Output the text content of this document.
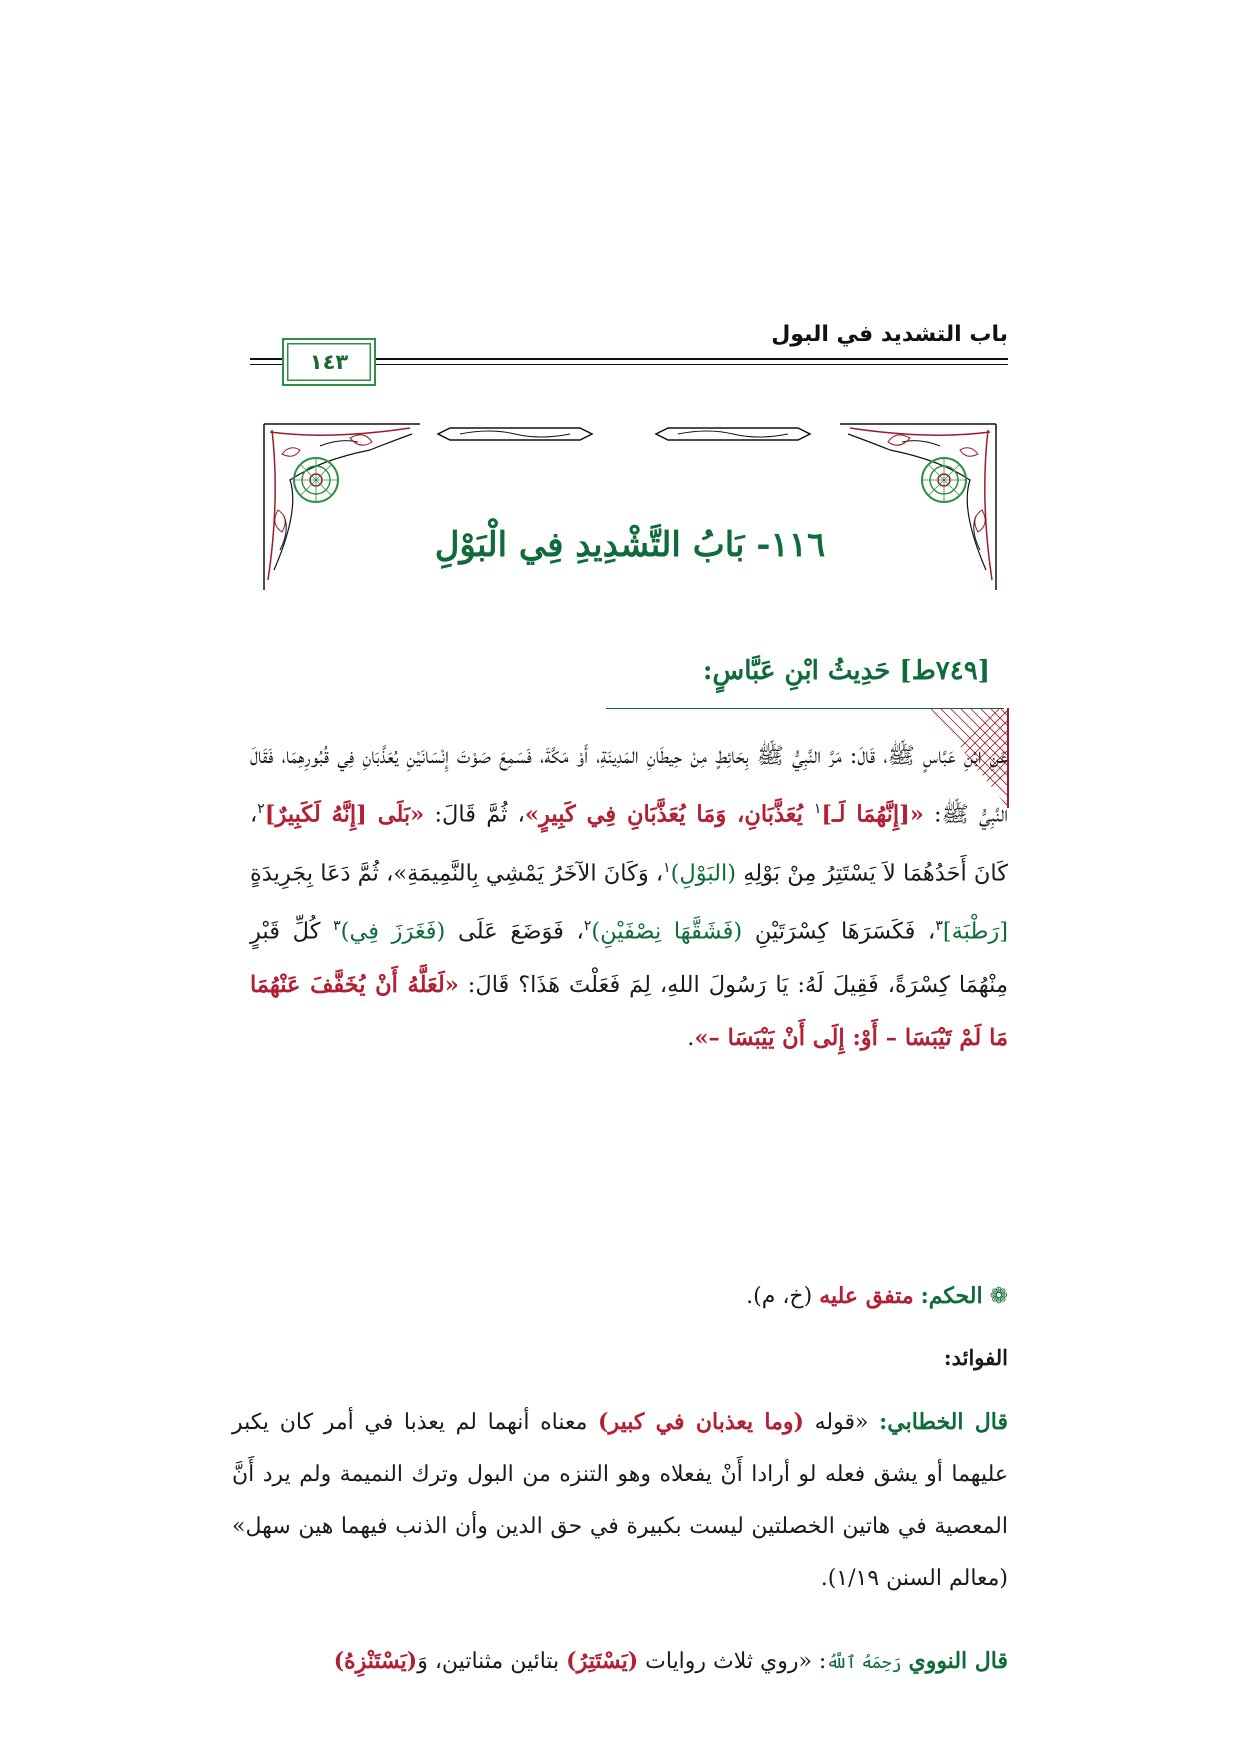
باب التشديد في البول
١٤٣
١١٦- بَابُ التَّشْدِيدِ فِي الْبَوْلِ
[٧٤٩ط] حَدِيثُ ابْنِ عَبَّاسٍ:
عَنِ ابْنِ عَبَّاسٍ ﷺ، قَالَ: مَرَّ النَّبِيُّ ﷺ بِحَائِطٍ مِنْ حِيطَانِ المَدِينَةِ، أَوْ مَكَّةَ، فَسَمِعَ صَوْتَ إِنْسَانَيْنِ يُعَذَّبَانِ فِي قُبُورِهِمَا، فَقَالَ النَّبِيُّ ﷺ: «[إِنَّهُمَا لَـ]$^١$ يُعَذَّبَانِ، وَمَا يُعَذَّبَانِ فِي كَبِيرٍ»، ثُمَّ قَالَ: «بَلَى [إِنَّهُ لَكَبِيرٌ]$^٢$، كَانَ أَحَدُهُمَا لاَ يَسْتَتِرُ مِنْ بَوْلِهِ (البَوْلِ)$^١$، وَكَانَ الآخَرُ يَمْشِي بِالنَّمِيمَةِ»، ثُمَّ دَعَا بِجَرِيدَةٍ [رَطْبَة]$^٣$، فَكَسَرَهَا كِسْرَتَيْنِ (فَشَقَّهَا نِصْفَيْنِ)$^٢$، فَوَضَعَ عَلَى (فَغَرَزَ فِي)$^٣$ كُلِّ قَبْرٍ مِنْهُمَا كِسْرَةً، فَقِيلَ لَهُ: يَا رَسُولَ اللهِ، لِمَ فَعَلْتَ هَذَا؟ قَالَ: «لَعَلَّهُ أَنْ يُخَفَّفَ عَنْهُمَا مَا لَمْ تَيْبَسَا – أَوْ: إِلَى أَنْ يَيْبَسَا –».
❁ الحكم: متفق عليه (خ، م).
الفوائد:
قال الخطابي: «قوله (وما يعذبان في كبير) معناه أنهما لم يعذبا في أمر كان يكبر عليهما أو يشق فعله لو أرادا أَنْ يفعلاه وهو التنزه من البول وترك النميمة ولم يرد أَنَّ المعصية في هاتين الخصلتين ليست بكبيرة في حق الدين وأن الذنب فيهما هين سهل» (معالم السنن ١/١٩).
قال النووي رَحِمَهُ ٱللَّهُ: «روي ثلاث روايات (يَسْتَتِرُ) بتائين مثناتين، وَ(يَسْتَنْزِهُ)
